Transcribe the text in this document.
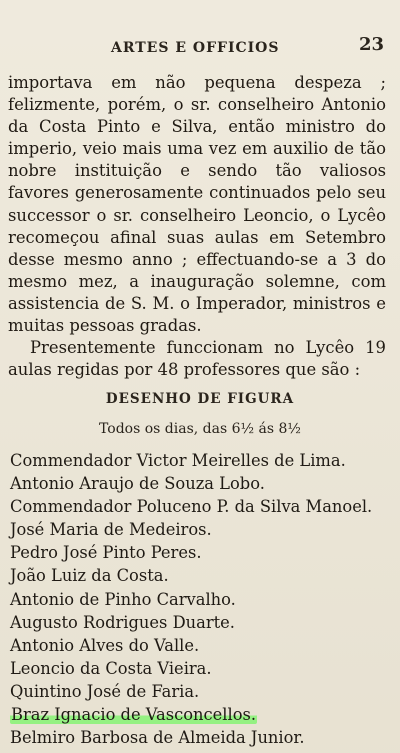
ARTES E OFFICIOS	23

importava em não pequena despeza ; felizmente, porém, o sr. conselheiro Antonio da Costa Pinto e Silva, então ministro do imperio, veio mais uma vez em auxilio de tão nobre instituição e sendo tão valiosos favores generosamente continuados pelo seu successor o sr. conselheiro Leoncio, o Lycêo recomeçou afinal suas aulas em Setembro desse mesmo anno ; effectuando-se a 3 do mesmo mez, a inauguração solemne, com assistencia de S. M. o Imperador, ministros e muitas pessoas gradas.

Presentemente funccionam no Lycêo 19 aulas regidas por 48 professores que são :

DESENHO DE FIGURA
Todos os dias, das 6½ ás 8½
Commendador Victor Meirelles de Lima.
Antonio Araujo de Souza Lobo.
Commendador Poluceno P. da Silva Manoel.
José Maria de Medeiros.
Pedro José Pinto Peres.
João Luiz da Costa.
Antonio de Pinho Carvalho.
Augusto Rodrigues Duarte.
Antonio Alves do Valle.
Leoncio da Costa Vieira.
Quintino José de Faria.
Braz Ignacio de Vasconcellos.
Belmiro Barbosa de Almeida Junior.
